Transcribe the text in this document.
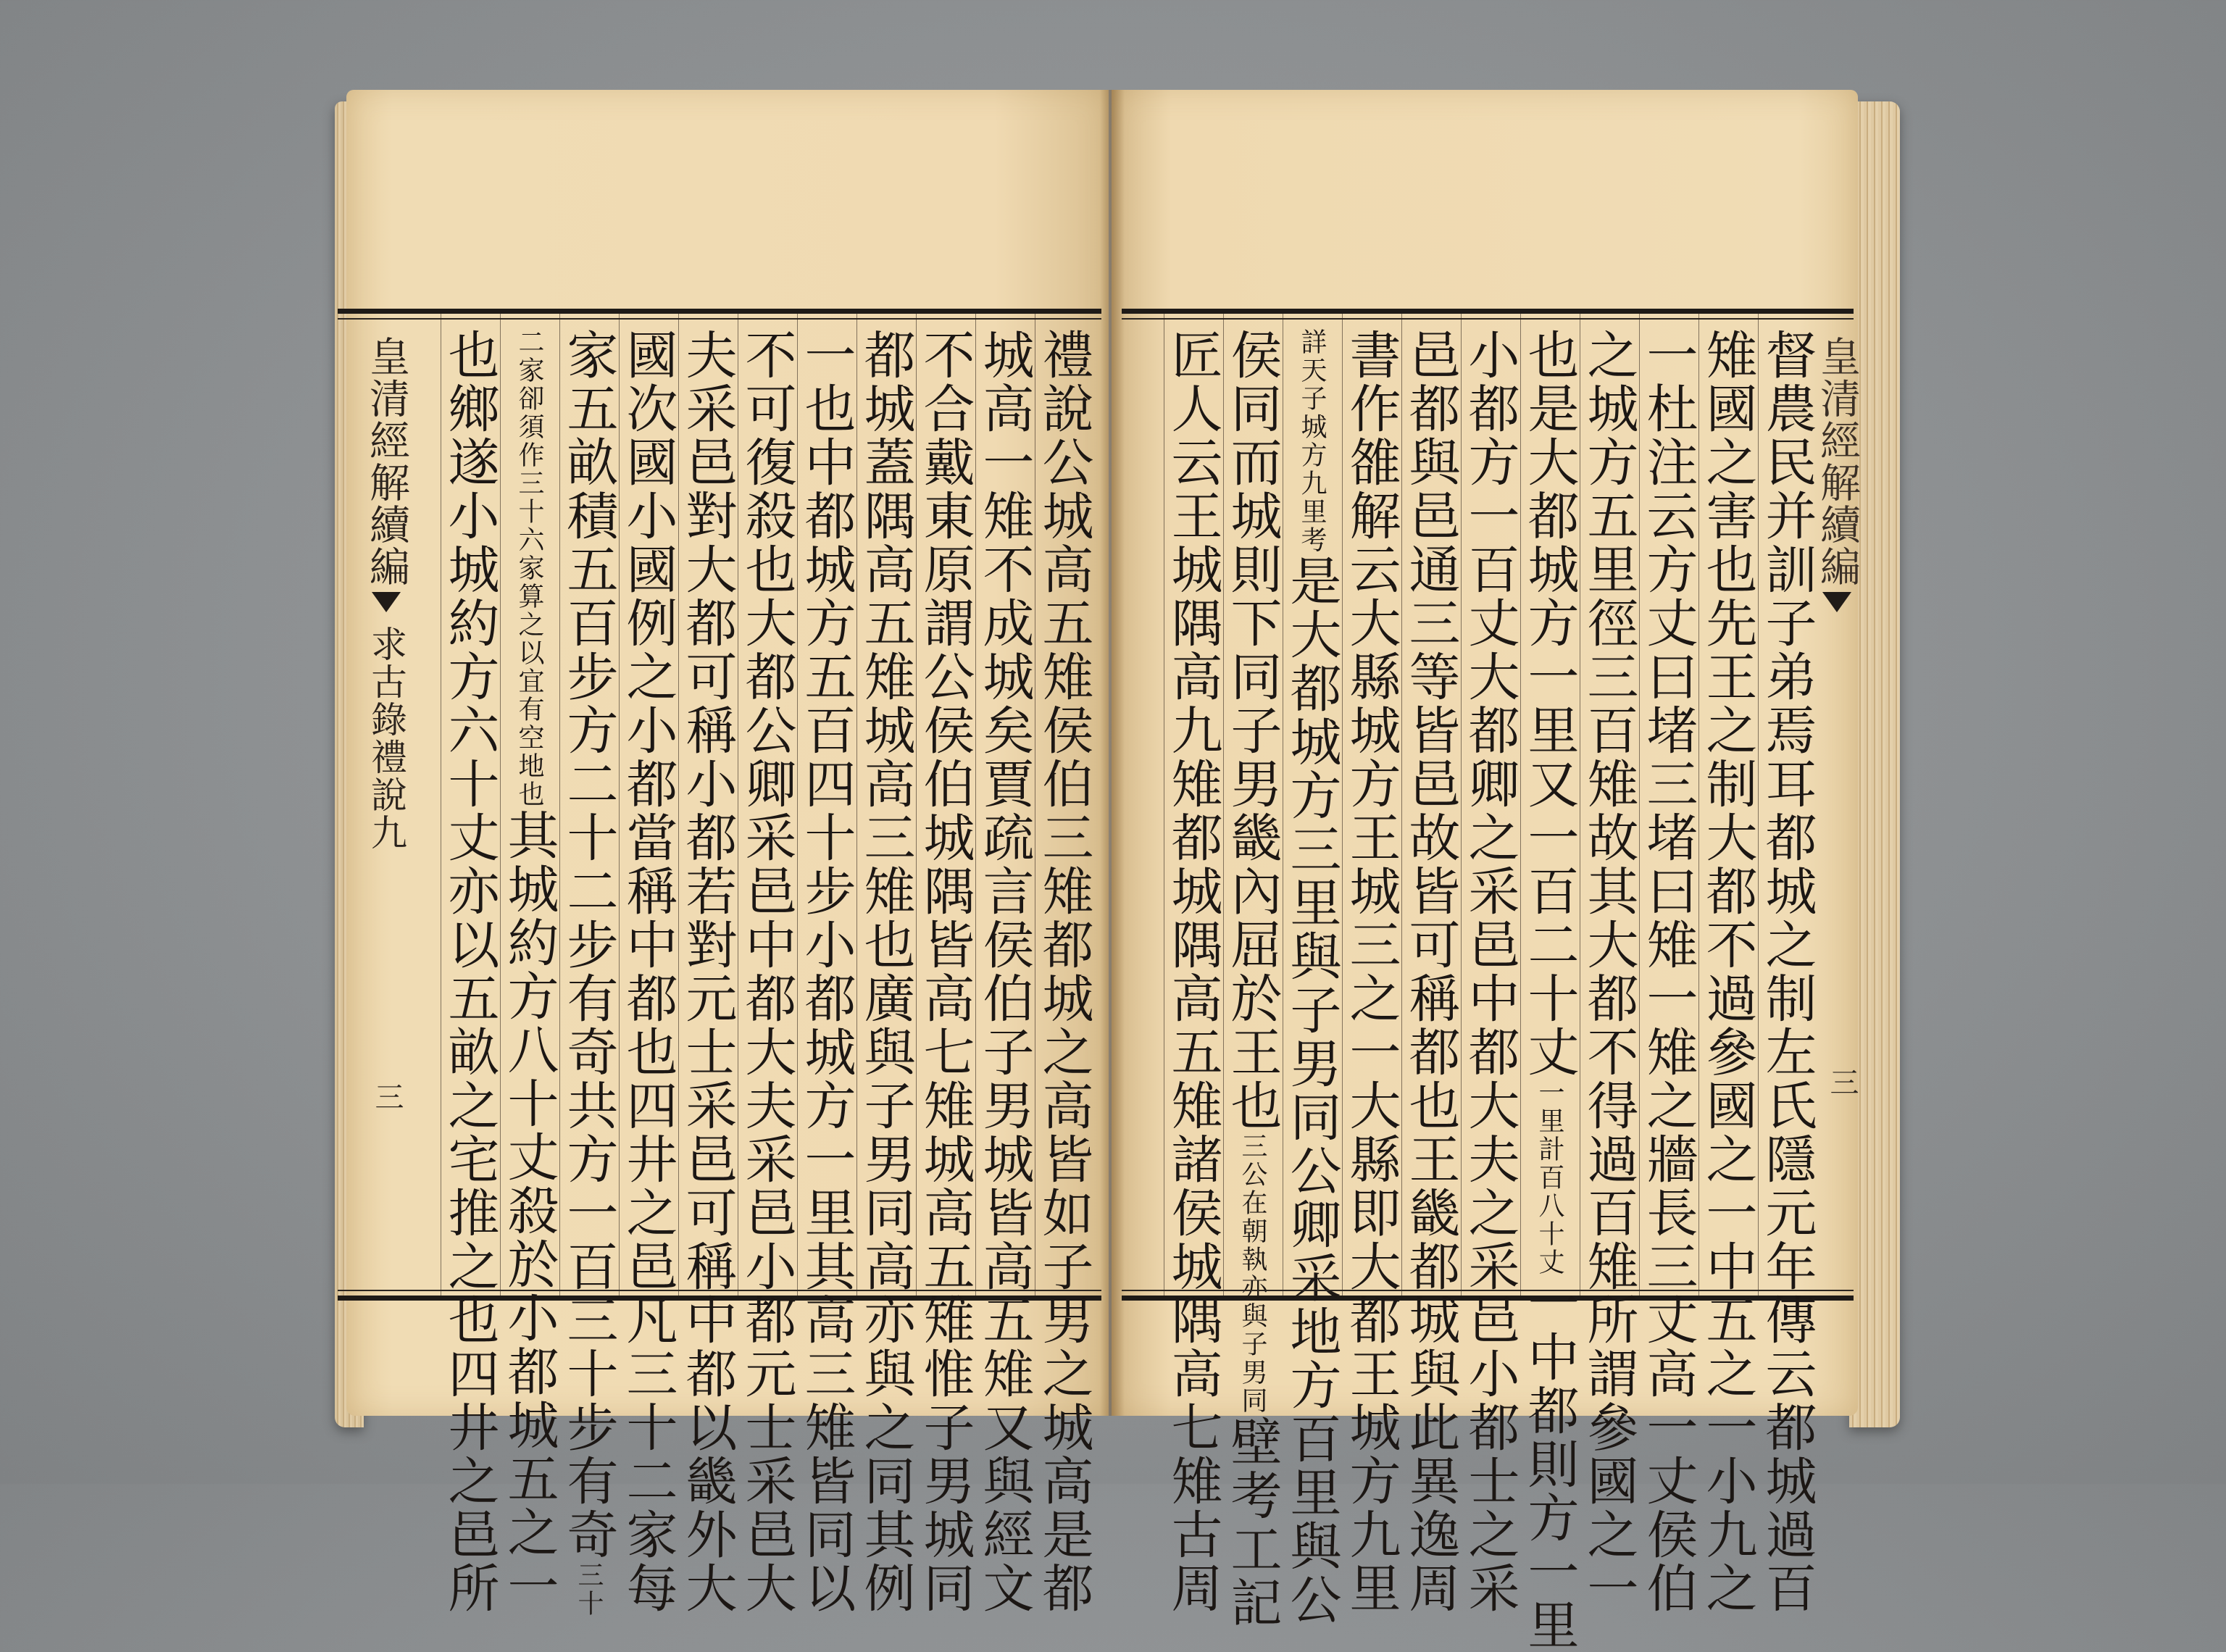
皇清經解續編
三
督農民并訓子弟焉耳都城之制左氏隱元年傳云都城過百
雉國之害也先王之制大都不過參國之一中五之一小九之
一杜注云方丈曰堵三堵曰雉一雉之牆長三丈高一丈侯伯
之城方五里徑三百雉故其大都不得過百雉所謂參國之一
也是大都城方一里又一百二十丈一里計百八十丈一中都則方一里
小都方一百丈大都卿之采邑中都大夫之采邑小都士之采
邑都與邑通三等皆邑故皆可稱都也王畿都城與此異逸周
書作雒解云大縣城方王城三之一大縣即大都王城方九里
詳天子城方九里考是大都城方三里與子男同公卿采地方百里與公
侯同而城則下同子男畿內屈於王也三公在朝執亦與子男同壁考工記
匠人云王城隅高九雉都城隅高五雉諸侯城隅高七雉古周
禮說公城高五雉侯伯三雉都城之高皆如子男之城高是都
城高一雉不成城矣賈疏言侯伯子男城皆高五雉又與經文
不合戴東原謂公侯伯城隅皆高七雉城高五雉惟子男城同
都城蓋隅高五雉城高三雉也廣與子男同高亦與之同其例
一也中都城方五百四十步小都城方一里其高三雉皆同以
不可復殺也大都公卿采邑中都大夫采邑小都元士采邑大
夫采邑對大都可稱小都若對元士采邑可稱中都以畿外大
國次國小國例之小都當稱中都也四井之邑凡三十二家每
家五畝積五百步方二十二步有奇共方一百三十步有奇三十
二家卻須作三十六家算之以宜有空地也其城約方八十丈殺於小都城五之一
也鄉遂小城約方六十丈亦以五畝之宅推之也四井之邑所
皇清經解續編求古錄禮說九
三
